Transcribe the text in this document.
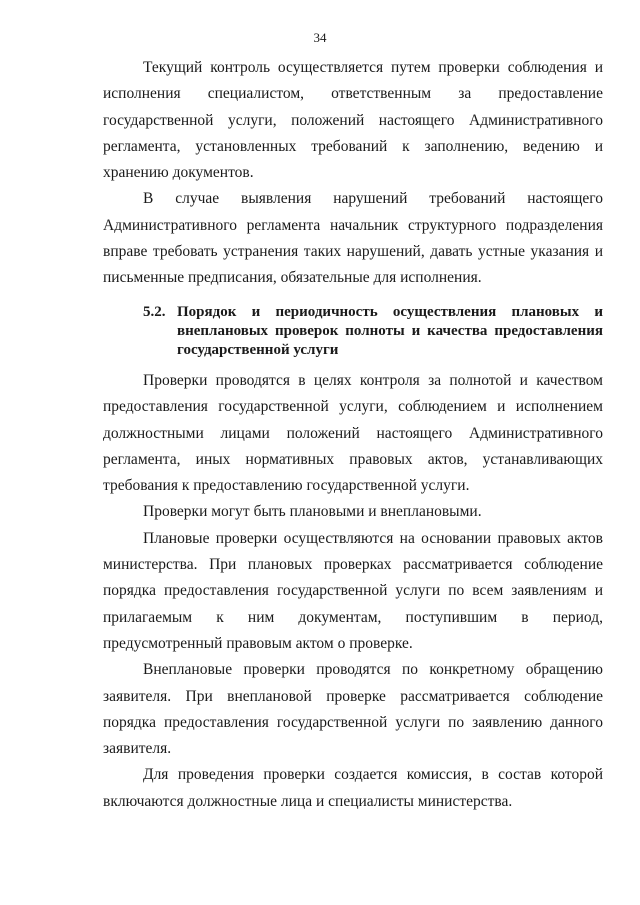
34

Текущий контроль осуществляется путем проверки соблюдения и исполнения специалистом, ответственным за предоставление государственной услуги, положений настоящего Административного регламента, установленных требований к заполнению, ведению и хранению документов.

В случае выявления нарушений требований настоящего Административного регламента начальник структурного подразделения вправе требовать устранения таких нарушений, давать устные указания и письменные предписания, обязательные для исполнения.

5.2. Порядок и периодичность осуществления плановых и внеплановых проверок полноты и качества предоставления государственной услуги

Проверки проводятся в целях контроля за полнотой и качеством предоставления государственной услуги, соблюдением и исполнением должностными лицами положений настоящего Административного регламента, иных нормативных правовых актов, устанавливающих требования к предоставлению государственной услуги.

Проверки могут быть плановыми и внеплановыми.

Плановые проверки осуществляются на основании правовых актов министерства. При плановых проверках рассматривается соблюдение порядка предоставления государственной услуги по всем заявлениям и прилагаемым к ним документам, поступившим в период, предусмотренный правовым актом о проверке.

Внеплановые проверки проводятся по конкретному обращению заявителя. При внеплановой проверке рассматривается соблюдение порядка предоставления государственной услуги по заявлению данного заявителя.

Для проведения проверки создается комиссия, в состав которой включаются должностные лица и специалисты министерства.
